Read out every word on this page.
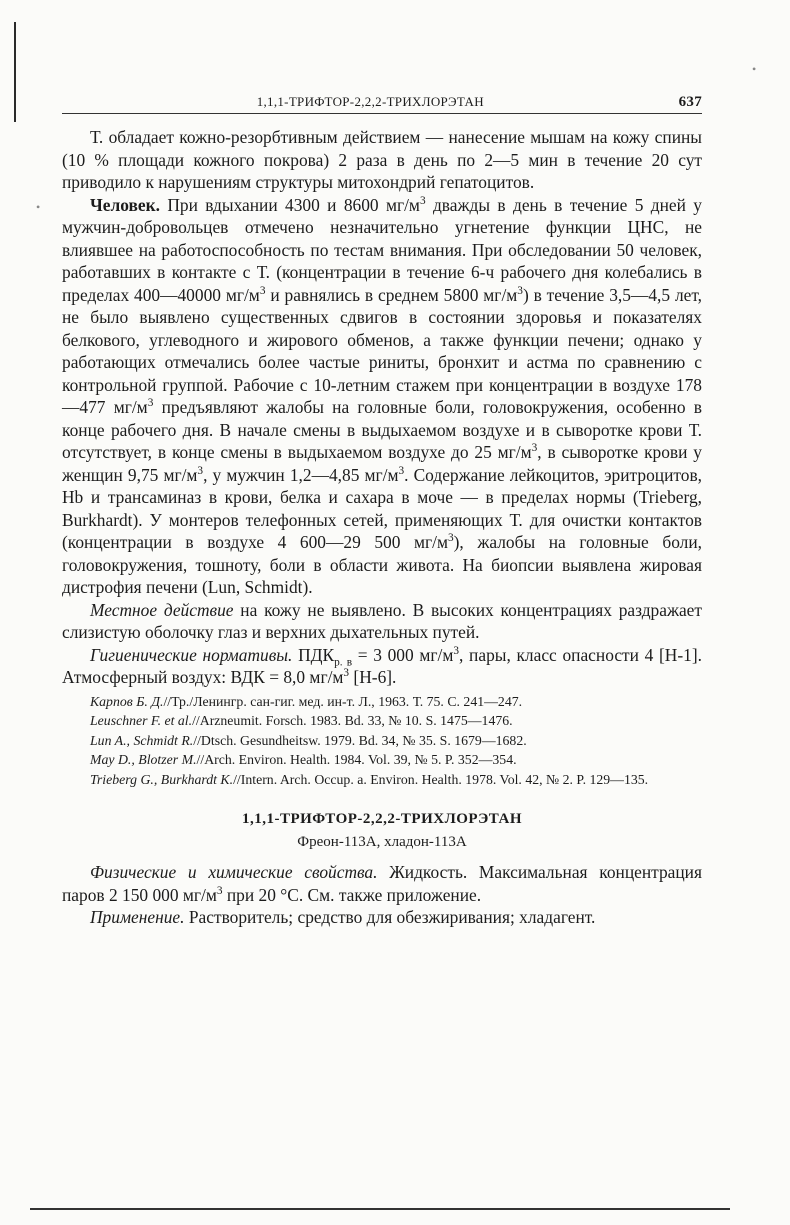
•
•
1,1,1-ТРИФТОР-2,2,2-ТРИХЛОРЭТАН	637

Т. обладает кожно-резорбтивным действием — нанесение мышам на кожу спины (10 % площади кожного покрова) 2 раза в день по 2—5 мин в течение 20 сут приводило к нарушениям структуры митохондрий гепатоцитов.

Человек. При вдыхании 4300 и 8600 $мг/м^3$ дважды в день в течение 5 дней у мужчин-добровольцев отмечено незначительно угнетение функции ЦНС, не влиявшее на работоспособность по тестам внимания. При обследовании 50 человек, работавших в контакте с Т. (концентрации в течение 6-ч рабочего дня колебались в пределах 400—40000 $мг/м^3$ и равнялись в среднем 5800 $мг/м^3$) в течение 3,5—4,5 лет, не было выявлено существенных сдвигов в состоянии здоровья и показателях белкового, углеводного и жирового обменов, а также функции печени; однако у работающих отмечались более частые риниты, бронхит и астма по сравнению с контрольной группой. Рабочие с 10-летним стажем при концентрации в воздухе 178—477 $мг/м^3$ предъявляют жалобы на головные боли, головокружения, особенно в конце рабочего дня. В начале смены в выдыхаемом воздухе и в сыворотке крови Т. отсутствует, в конце смены в выдыхаемом воздухе до 25 $мг/м^3$, в сыворотке крови у женщин 9,75 $мг/м^3$, у мужчин 1,2—4,85 $мг/м^3$. Содержание лейкоцитов, эритроцитов, Hb и трансаминаз в крови, белка и сахара в моче — в пределах нормы (Trieberg, Burkhardt). У монтеров телефонных сетей, применяющих Т. для очистки контактов (концентрации в воздухе 4 600—29 500 $мг/м^3$), жалобы на головные боли, головокружения, тошноту, боли в области живота. На биопсии выявлена жировая дистрофия печени (Lun, Schmidt).

Местное действие на кожу не выявлено. В высоких концентрациях раздражает слизистую оболочку глаз и верхних дыхательных путей.

Гигиенические нормативы. $ПДК_{р. в} = 3$ 000 $мг/м^3$, пары, класс опасности 4 [Н-1]. Атмосферный воздух: ВДК = 8,0 $мг/м^3$ [Н-6].

Карпов Б. Д.//Тр./Ленингр. сан-гиг. мед. ин-т. Л., 1963. Т. 75. С. 241—247.

Leuschner F. et al.//Arzneumit. Forsch. 1983. Bd. 33, № 10. S. 1475—1476.

Lun A., Schmidt R.//Dtsch. Gesundheitsw. 1979. Bd. 34, № 35. S. 1679—1682.

May D., Blotzer M.//Arch. Environ. Health. 1984. Vol. 39, № 5. P. 352—354.

Trieberg G., Burkhardt K.//Intern. Arch. Occup. a. Environ. Health. 1978. Vol. 42, № 2. P. 129—135.

1,1,1-ТРИФТОР-2,2,2-ТРИХЛОРЭТАН
Фреон-113А, хладон-113А

Физические и химические свойства. Жидкость. Максимальная концентрация паров 2 150 000 $мг/м^3$ при 20 °С. См. также приложение.

Применение. Растворитель; средство для обезжиривания; хладагент.
